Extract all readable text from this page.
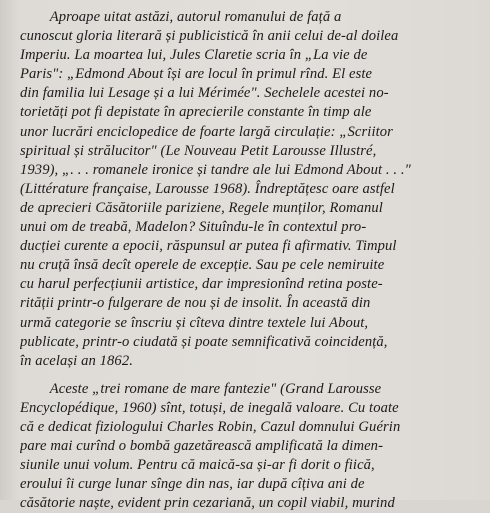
Aproape uitat astăzi, autorul romanului de față a
cunoscut gloria literară și publicistică în anii celui de-al doilea
Imperiu. La moartea lui, Jules Claretie scria în „La vie de
Paris": „Edmond About își are locul în primul rînd. El este
din familia lui Lesage și a lui Mérimée". Sechelele acestei no-
torietăți pot fi depistate în aprecierile constante în timp ale
unor lucrări enciclopedice de foarte largă circulație: „Scriitor
spiritual și strălucitor" (Le Nouveau Petit Larousse Illustré,
1939), „. . . romanele ironice și tandre ale lui Edmond About . . ."
(Littérature française, Larousse 1968). Îndreptățesc oare astfel
de aprecieri Căsătoriile pariziene, Regele munților, Romanul
unui om de treabă, Madelon? Situîndu-le în contextul pro-
ducției curente a epocii, răspunsul ar putea fi afirmativ. Timpul
nu cruță însă decît operele de excepție. Sau pe cele nemiruite
cu harul perfecțiunii artistice, dar impresionînd retina poste-
rității printr-o fulgerare de nou și de insolit. În această din
urmă categorie se înscriu și cîteva dintre textele lui About,
publicate, printr-o ciudată și poate semnificativă coincidență,
în același an 1862.
Aceste „trei romane de mare fantezie" (Grand Larousse
Encyclopédique, 1960) sînt, totuși, de inegală valoare. Cu toate
că e dedicat fiziologului Charles Robin, Cazul domnului Guérin
pare mai curînd o bombă gazetărească amplificată la dimen-
siunile unui volum. Pentru că maică-sa și-ar fi dorit o fiică,
eroului îi curge lunar sînge din nas, iar după cîțiva ani de
căsătorie naște, evident prin cezariană, un copil viabil, murind
